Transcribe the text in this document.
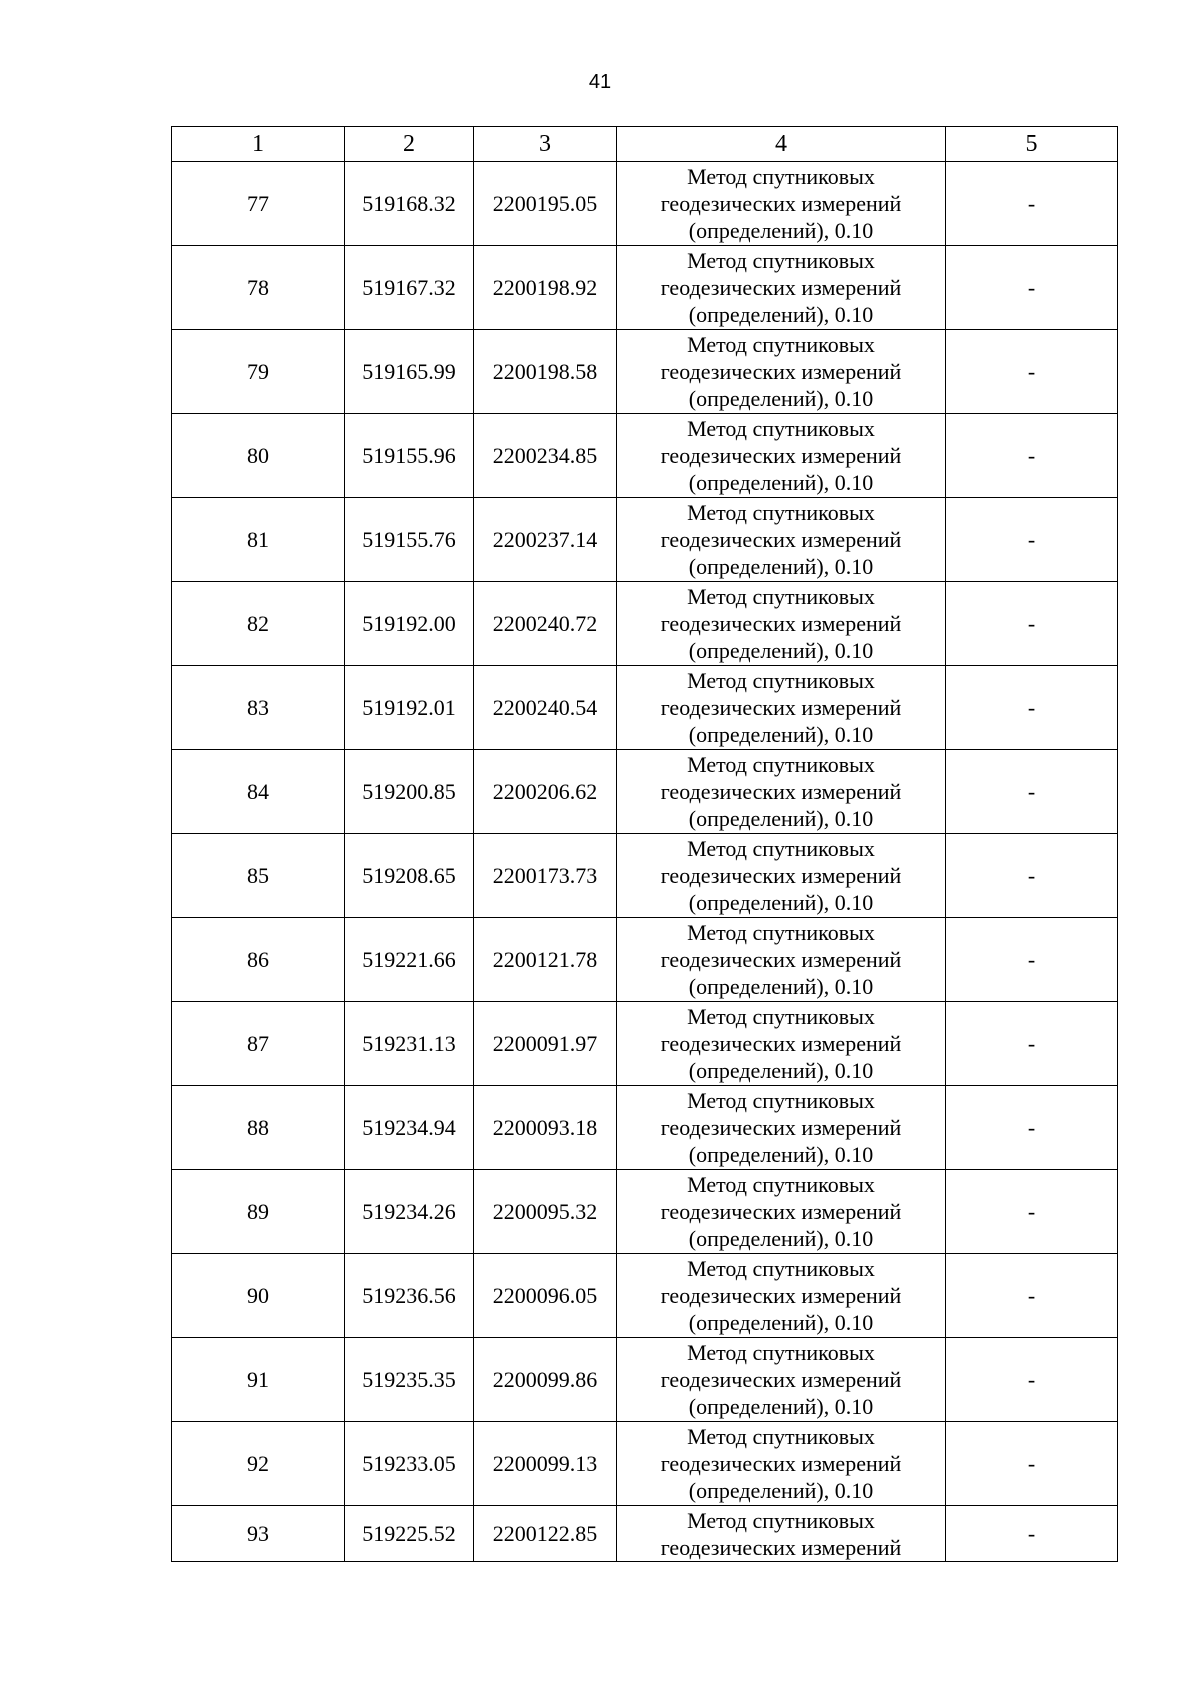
41
1	2	3	4	5
77	519168.32	2200195.05	Метод спутниковых
геодезических измерений
(определений), 0.10	-
78	519167.32	2200198.92	Метод спутниковых
геодезических измерений
(определений), 0.10	-
79	519165.99	2200198.58	Метод спутниковых
геодезических измерений
(определений), 0.10	-
80	519155.96	2200234.85	Метод спутниковых
геодезических измерений
(определений), 0.10	-
81	519155.76	2200237.14	Метод спутниковых
геодезических измерений
(определений), 0.10	-
82	519192.00	2200240.72	Метод спутниковых
геодезических измерений
(определений), 0.10	-
83	519192.01	2200240.54	Метод спутниковых
геодезических измерений
(определений), 0.10	-
84	519200.85	2200206.62	Метод спутниковых
геодезических измерений
(определений), 0.10	-
85	519208.65	2200173.73	Метод спутниковых
геодезических измерений
(определений), 0.10	-
86	519221.66	2200121.78	Метод спутниковых
геодезических измерений
(определений), 0.10	-
87	519231.13	2200091.97	Метод спутниковых
геодезических измерений
(определений), 0.10	-
88	519234.94	2200093.18	Метод спутниковых
геодезических измерений
(определений), 0.10	-
89	519234.26	2200095.32	Метод спутниковых
геодезических измерений
(определений), 0.10	-
90	519236.56	2200096.05	Метод спутниковых
геодезических измерений
(определений), 0.10	-
91	519235.35	2200099.86	Метод спутниковых
геодезических измерений
(определений), 0.10	-
92	519233.05	2200099.13	Метод спутниковых
геодезических измерений
(определений), 0.10	-
93	519225.52	2200122.85	Метод спутниковых
геодезических измерений	-
